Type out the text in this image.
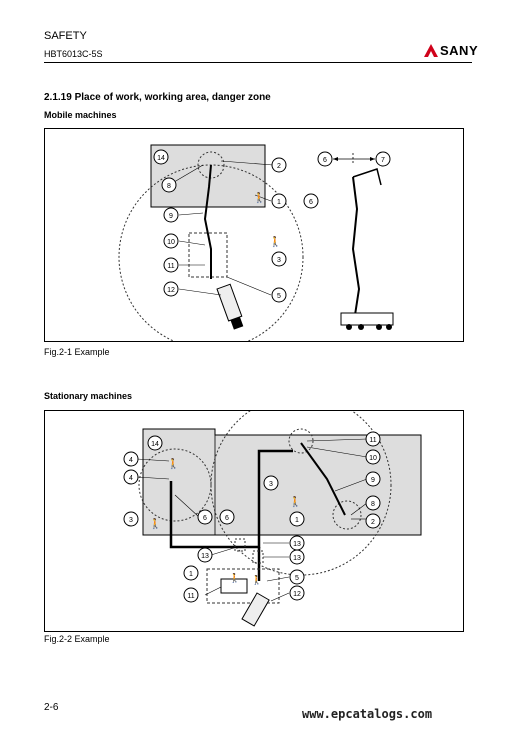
SAFETY
HBT6013C-5S	SANY
2.1.19 Place of work, working area, danger zone
Mobile machines
🚶
🚶
14
8
2
9
1	6
10
3
11
12
5
6	7
Fig.2-1 Example
Stationary machines
🚶
🚶
🚶 🚶
🚶
14
4
4
3	6	6
3
1
11
10
9
8
2
13
13
13
1
5
11	12
Fig.2-2 Example
2-6	www.epcatalogs.com
